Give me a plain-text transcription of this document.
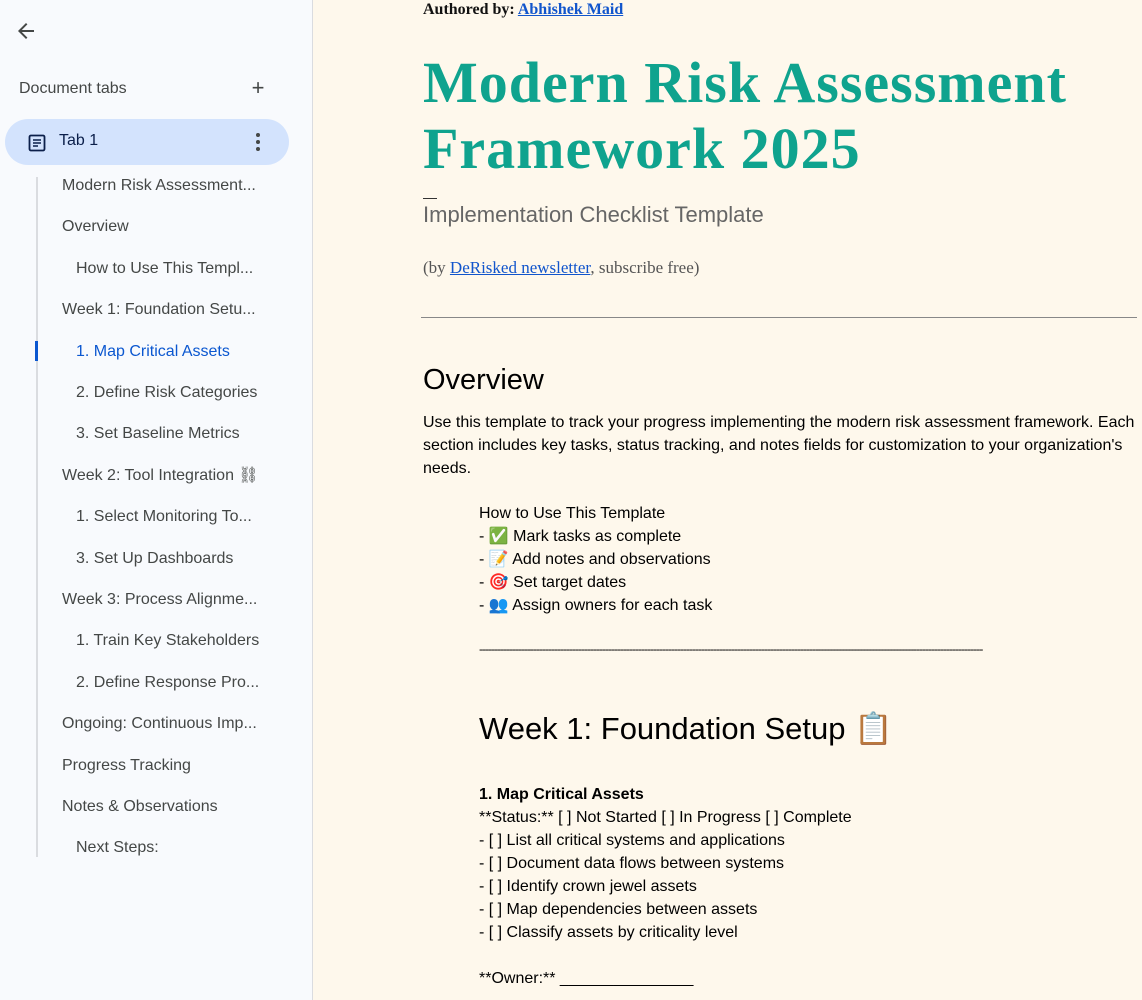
Document tabs	+
Tab 1
Modern Risk Assessment...
Overview
How to Use This Templ...
Week 1: Foundation Setu...
1. Map Critical Assets
2. Define Risk Categories
3. Set Baseline Metrics
Week 2: Tool Integration ⛓
1. Select Monitoring To...
3. Set Up Dashboards
Week 3: Process Alignme...
1. Train Key Stakeholders
2. Define Response Pro...
Ongoing: Continuous Imp...
Progress Tracking
Notes & Observations
Next Steps:
Authored by: Abhishek Maid
Modern Risk Assessment Framework 2025
Implementation Checklist Template
(by DeRisked newsletter, subscribe free)
Overview
Use this template to track your progress implementing the modern risk assessment framework. Each section includes key tasks, status tracking, and notes fields for customization to your organization's needs.
How to Use This Template
- ✅ Mark tasks as complete
- 📝 Add notes and observations
- 🎯 Set target dates
- 👥 Assign owners for each task
------------------------------------------------------------------------------------------------------------------------------------------------------------------------
Week 1: Foundation Setup 📋
1. Map Critical Assets
**Status:** [ ] Not Started [ ] In Progress [ ] Complete
- [ ] List all critical systems and applications
- [ ] Document data flows between systems
- [ ] Identify crown jewel assets
- [ ] Map dependencies between assets
- [ ] Classify assets by criticality level
**Owner:** _______________
